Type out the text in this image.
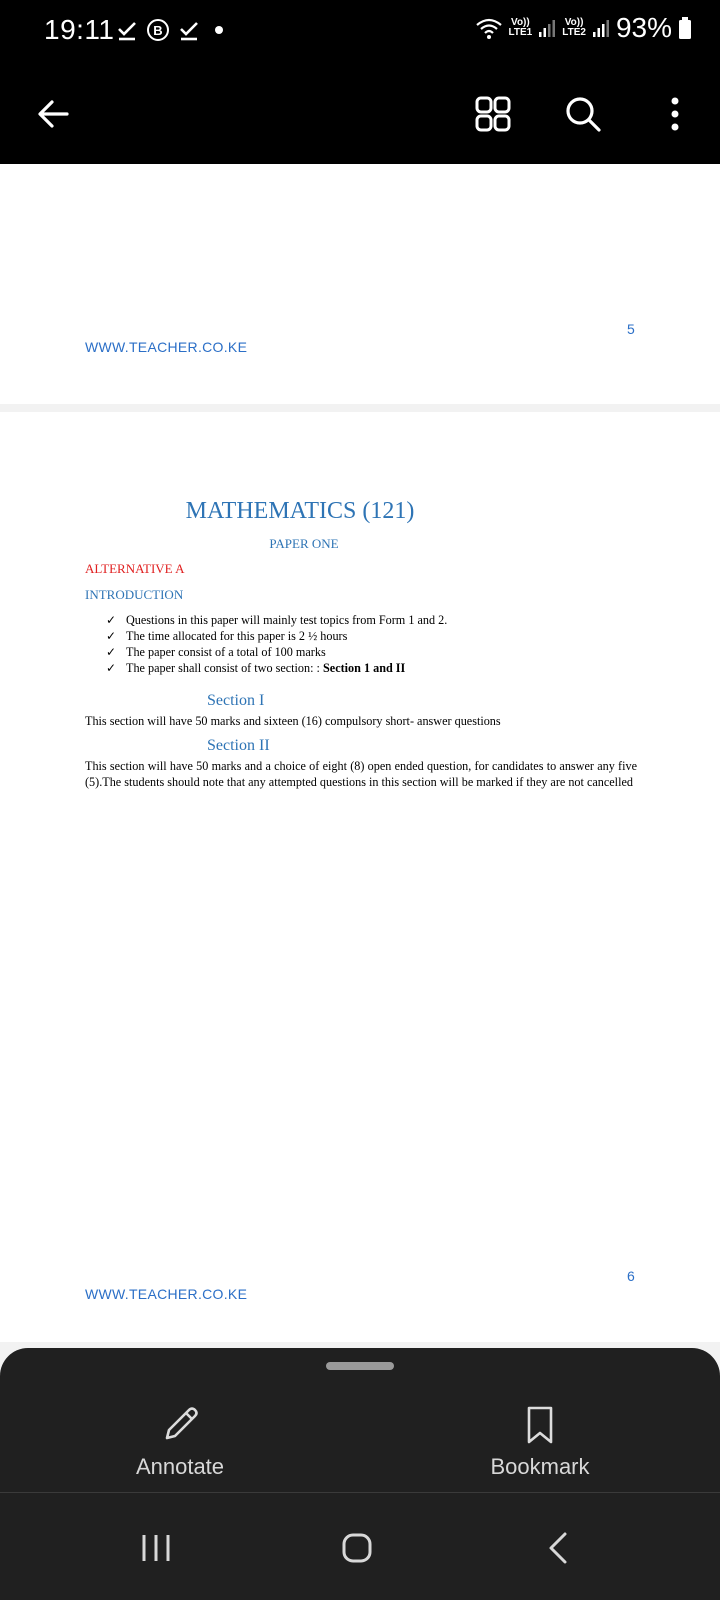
19:11	B
Vo))
LTE1
Vo))
LTE2 93%
5
WWW.TEACHER.CO.KE
MATHEMATICS (121)
PAPER ONE
ALTERNATIVE A
INTRODUCTION
✓ Questions in this paper will mainly test topics from Form 1 and 2.
✓ The time allocated for this paper is 2 ½ hours
✓ The paper consist of a total of 100 marks
✓ The paper shall consist of two section: : Section 1 and II
Section I
This section will have 50 marks and sixteen (16) compulsory short- answer questions
Section II
This section will have 50 marks and a choice of eight (8) open ended question, for candidates to answer any five (5).The students should note that any attempted questions in this section will be marked if they are not cancelled
6
WWW.TEACHER.CO.KE
Annotate	Bookmark
